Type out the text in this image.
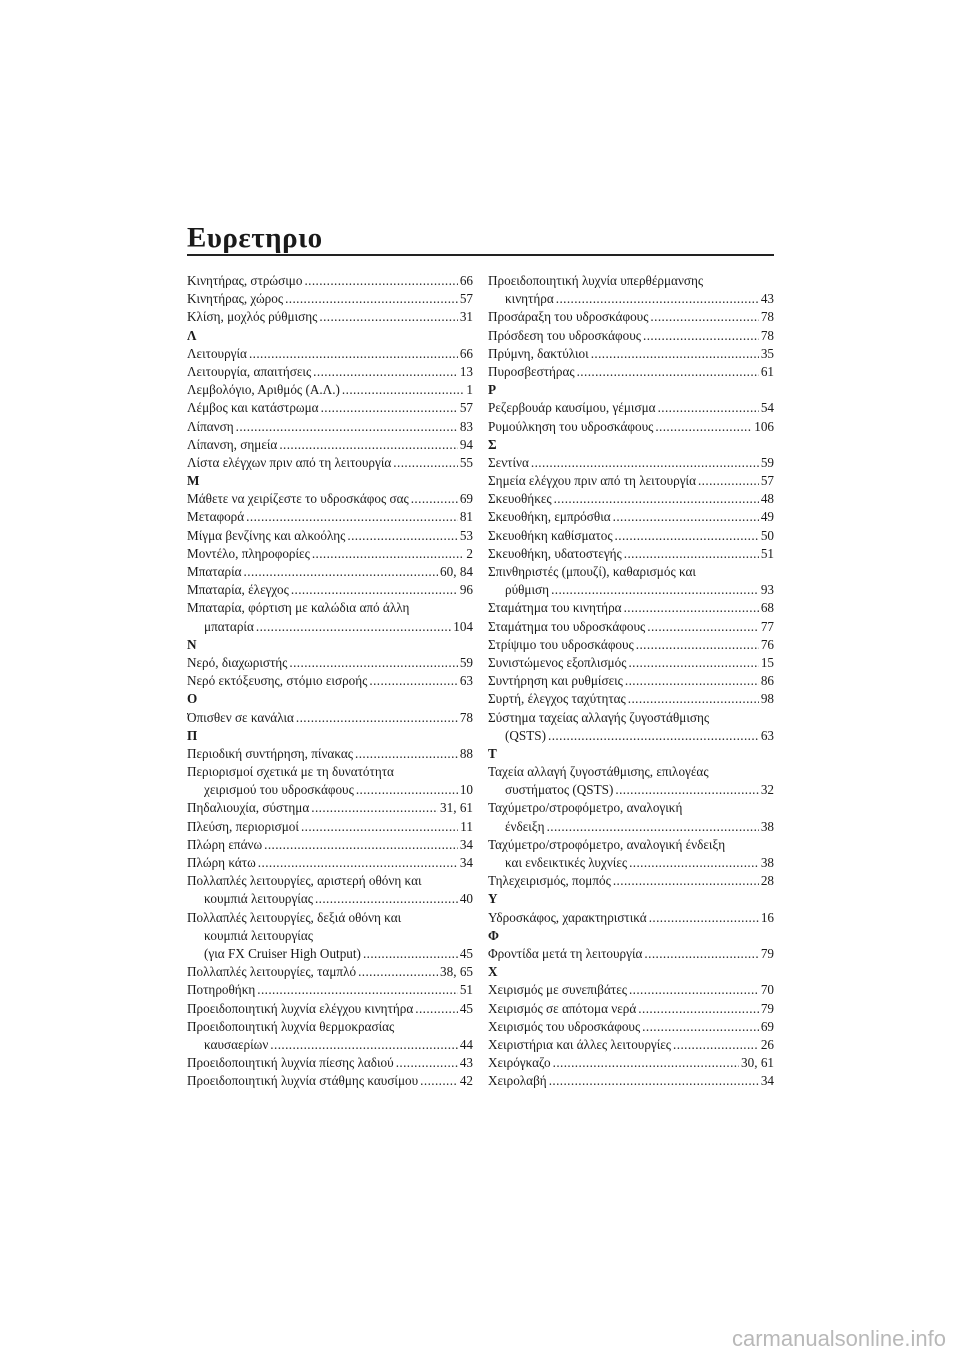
Ευρετηριο
Κινητήρας, στρώσιμο .....	66
Κινητήρας, χώρος .....	57
Κλίση, μοχλός ρύθμισης .....	31
Λ
Λειτουργία .....	66
Λειτουργία, απαιτήσεις .....	13
Λεμβολόγιο, Αριθμός (Α.Λ.) .....	1
Λέμβος και κατάστρωμα .....	57
Λίπανση .....	83
Λίπανση, σημεία .....	94
Λίστα ελέγχων πριν από τη λειτουργία .....	55
Μ
Μάθετε να χειρίζεστε το υδροσκάφος σας .....	69
Μεταφορά .....	81
Μίγμα βενζίνης και αλκοόλης .....	53
Μοντέλο, πληροφορίες .....	2
Μπαταρία .....	60, 84
Μπαταρία, έλεγχος .....	96
Μπαταρία, φόρτιση με καλώδια από άλλη
μπαταρία .....	104
Ν
Νερό, διαχωριστής .....	59
Νερό εκτόξευσης, στόμιο εισροής .....	63
Ο
Όπισθεν σε κανάλια .....	78
Π
Περιοδική συντήρηση, πίνακας .....	88
Περιορισμοί σχετικά με τη δυνατότητα
χειρισμού του υδροσκάφους .....	10
Πηδαλιουχία, σύστημα .....	31, 61
Πλεύση, περιορισμοί .....	11
Πλώρη επάνω .....	34
Πλώρη κάτω .....	34
Πολλαπλές λειτουργίες, αριστερή οθόνη και
κουμπιά λειτουργίας .....	40
Πολλαπλές λειτουργίες, δεξιά οθόνη και
κουμπιά λειτουργίας
(για FX Cruiser High Output) .....	45
Πολλαπλές λειτουργίες, ταμπλό .....	38, 65
Ποτηροθήκη .....	51
Προειδοποιητική λυχνία ελέγχου κινητήρα .....	45
Προειδοποιητική λυχνία θερμοκρασίας
καυσαερίων .....	44
Προειδοποιητική λυχνία πίεσης λαδιού .....	43
Προειδοποιητική λυχνία στάθμης καυσίμου .....	42
Προειδοποιητική λυχνία υπερθέρμανσης
κινητήρα .....	43
Προσάραξη του υδροσκάφους .....	78
Πρόσδεση του υδροσκάφους .....	78
Πρύμνη, δακτύλιοι .....	35
Πυροσβεστήρας .....	61
Ρ
Ρεζερβουάρ καυσίμου, γέμισμα .....	54
Ρυμούλκηση του υδροσκάφους .....	106
Σ
Σεντίνα .....	59
Σημεία ελέγχου πριν από τη λειτουργία .....	57
Σκευοθήκες .....	48
Σκευοθήκη, εμπρόσθια .....	49
Σκευοθήκη καθίσματος .....	50
Σκευοθήκη, υδατοστεγής .....	51
Σπινθηριστές (μπουζί), καθαρισμός και
ρύθμιση .....	93
Σταμάτημα του κινητήρα .....	68
Σταμάτημα του υδροσκάφους .....	77
Στρίψιμο του υδροσκάφους .....	76
Συνιστώμενος εξοπλισμός .....	15
Συντήρηση και ρυθμίσεις .....	86
Συρτή, έλεγχος ταχύτητας .....	98
Σύστημα ταχείας αλλαγής ζυγοστάθμισης
(QSTS) .....	63
Τ
Ταχεία αλλαγή ζυγοστάθμισης, επιλογέας
συστήματος (QSTS) .....	32
Ταχύμετρο/στροφόμετρο, αναλογική
ένδειξη .....	38
Ταχύμετρο/στροφόμετρο, αναλογική ένδειξη
και ενδεικτικές λυχνίες .....	38
Τηλεχειρισμός, πομπός .....	28
Υ
Υδροσκάφος, χαρακτηριστικά .....	16
Φ
Φροντίδα μετά τη λειτουργία .....	79
Χ
Χειρισμός με συνεπιβάτες .....	70
Χειρισμός σε απότομα νερά .....	79
Χειρισμός του υδροσκάφους .....	69
Χειριστήρια και άλλες λειτουργίες .....	26
Χειρόγκαζο .....	30, 61
Χειρολαβή .....	34
carmanualsonline.info
